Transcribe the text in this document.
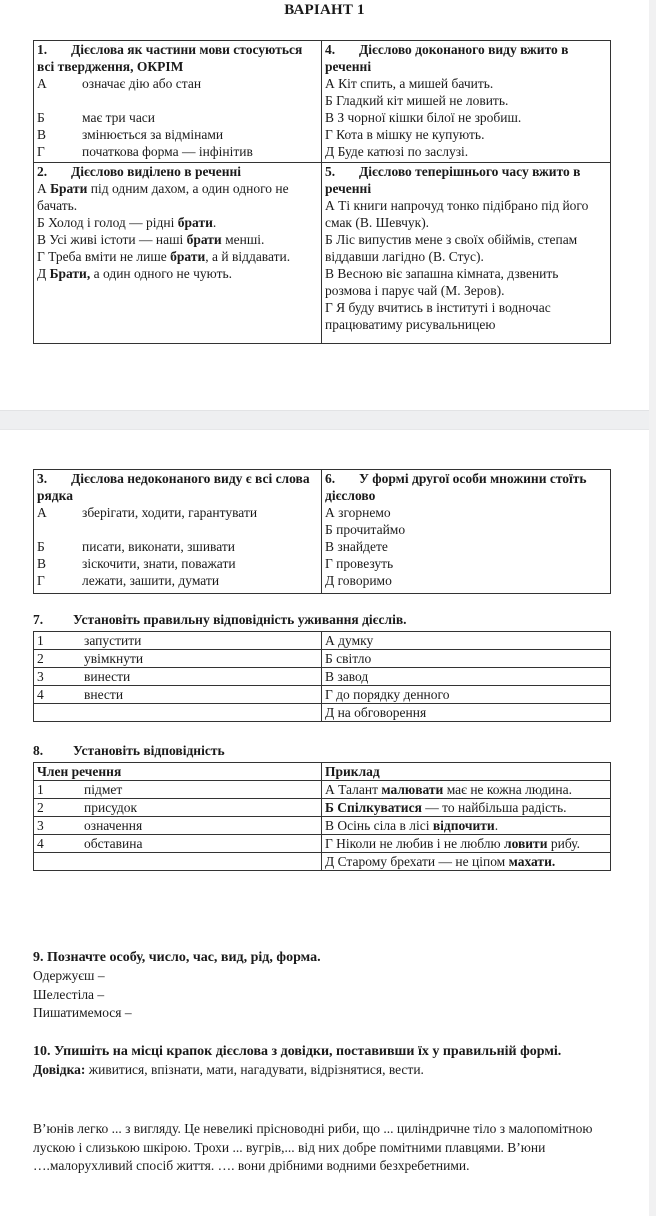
ВАРІАНТ 1
1. Дієслова як частини мови стосуються всі твердження, ОКРІМ
А	означає дію або стан
Б	має три часи
В	змінюється за відмінами
Г	початкова форма — інфінітив

4. Дієслово доконаного виду вжито в реченні
А Кіт спить, а мишей бачить.
Б Гладкий кіт мишей не ловить.
В З чорної кішки білої не зробиш.
Г Кота в мішку не купують.
Д Буде катюзі по заслузі.

2. Дієслово виділено в реченні
А Брати під одним дахом, а один одного не бачать.
Б Холод і голод — рідні брати.
В Усі живі істоти — наші брати менші.
Г Треба вміти не лише брати, а й віддавати.
Д Брати, а один одного не чують.

5. Дієслово теперішнього часу вжито в реченні
А Ті книги напрочуд тонко підібрано під його смак (В. Шевчук).
Б Ліс випустив мене з своїх обіймів, степам віддавши лагідно (В. Стус).
В Весною віє запашна кімната, дзвенить розмова і парує чай (М. Зеров).
Г Я буду вчитись в інституті і водночас працюватиму рисувальницею
3. Дієслова недоконаного виду є всі слова рядка
А	зберігати, ходити, гарантувати
Б	писати, виконати, зшивати
В	зіскочити, знати, поважати
Г	лежати, зашити, думати

6. У формі другої особи множини стоїть дієслово
А згорнемо
Б прочитаймо
В знайдете
Г провезуть
Д говоримо
7. Установіть правильну відповідність уживання дієслів.
1 запустити	А думку
2 увімкнути	Б світло
3 винести	В завод
4 внести	Г до порядку денного
	Д на обговорення
8. Установіть відповідність
Член речення	Приклад
1 підмет	А Талант малювати має не кожна людина.
2 присудок	Б Спілкуватися — то найбільша радість.
3 означення	В Осінь сіла в лісі відпочити.
4 обставина	Г Ніколи не любив і не люблю ловити рибу.
	Д Старому брехати — не ціпом махати.
9. Позначте особу, число, час, вид, рід, форма.
Одержуєш –
Шелестіла –
Пишатимемося –
10. Упишіть на місці крапок дієслова з довідки, поставивши їх у правильній формі.
Довідка: живитися, впізнати, мати, нагадувати, відрізнятися, вести.
В’юнів легко ... з вигляду. Це невеликі прісноводні риби, що ... циліндричне тіло з малопомітною лускою і слизькою шкірою. Трохи ... вугрів,... від них добре помітними плавцями. В’юни ….малорухливий спосіб життя. …. вони дрібними водними безхребетними.
